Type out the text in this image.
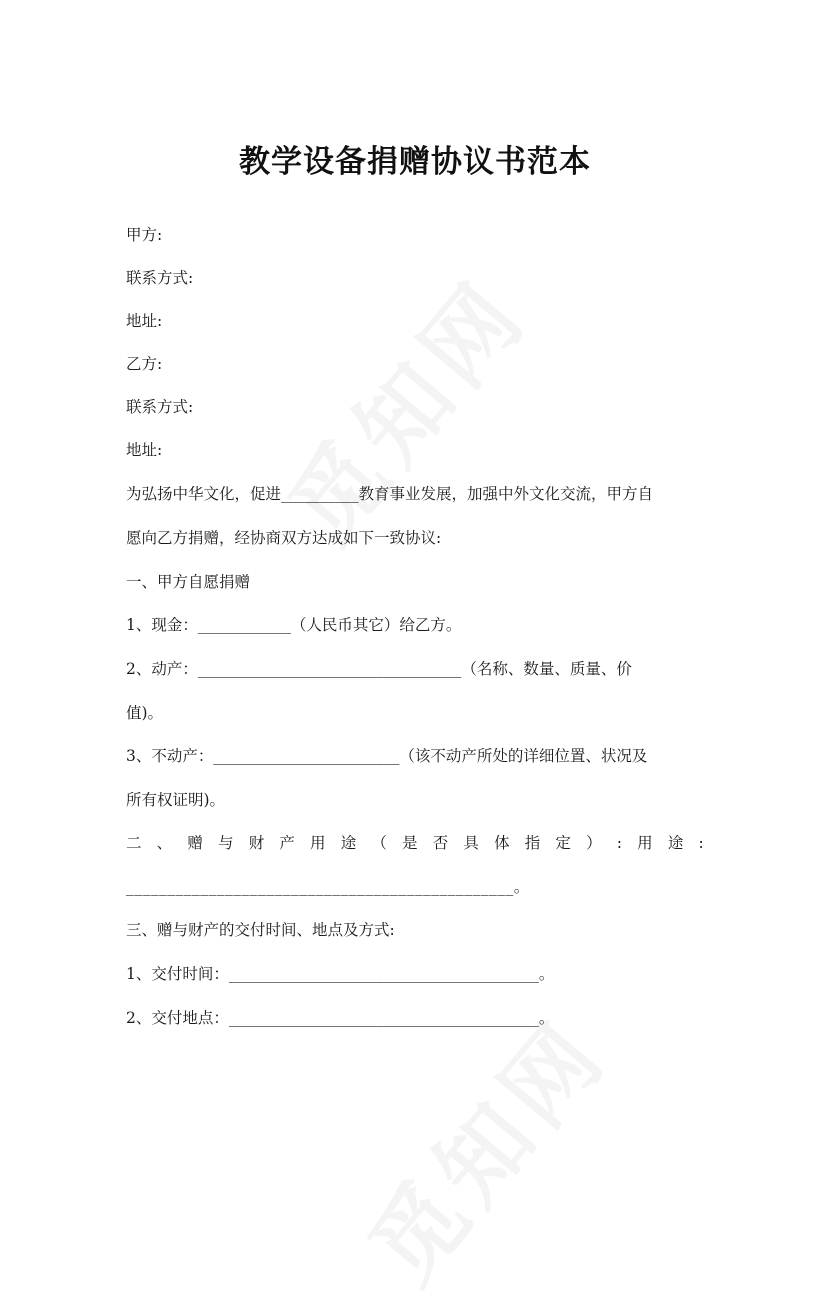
教学设备捐赠协议书范本
甲方:
联系方式:
地址:
乙方:
联系方式:
地址:
为弘扬中华文化，促进__________教育事业发展，加强中外文化交流，甲方自
愿向乙方捐赠，经协商双方达成如下一致协议:
一、甲方自愿捐赠
1、现金：____________（人民币其它）给乙方。
2、动产：__________________________________（名称、数量、质量、价
值)。
3、不动产：________________________（该不动产所处的详细位置、状况及
所有权证明)。
二 、 赠 与 财 产 用 途 （ 是 否 具 体 指 定 ） : 用 途 :
_______________________________________________。
三、赠与财产的交付时间、地点及方式:
1、交付时间：________________________________________。
2、交付地点：________________________________________。
